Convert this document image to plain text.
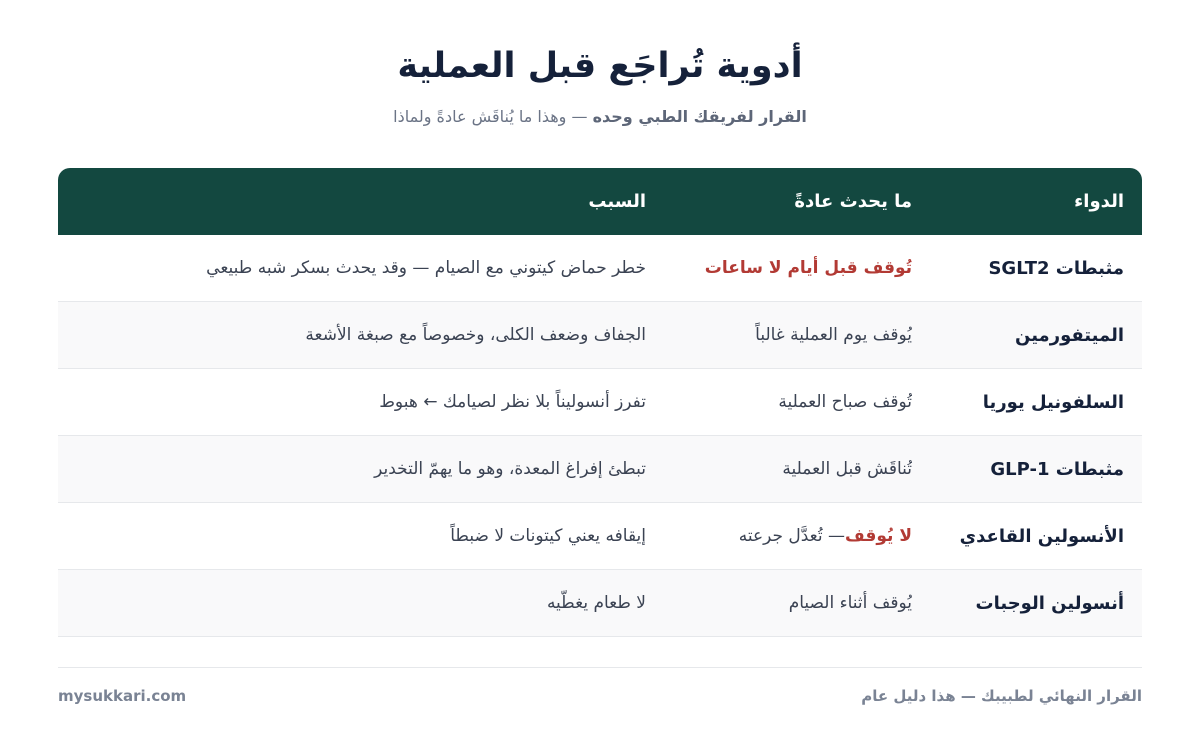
أدوية تُراجَع قبل العملية

القرار لفريقك الطبي وحده — وهذا ما يُناقَش عادةً ولماذا

الدواء
ما يحدث عادةً
السبب
مثبطات SGLT2
تُوقف قبل أيام لا ساعات
خطر حماض كيتوني مع الصيام — وقد يحدث بسكر شبه طبيعي
الميتفورمين
يُوقف يوم العملية غالباً
الجفاف وضعف الكلى، وخصوصاً مع صبغة الأشعة
السلفونيل يوريا
تُوقف صباح العملية
تفرز أنسوليناً بلا نظر لصيامك ← هبوط
مثبطات GLP-1
تُناقَش قبل العملية
تبطئ إفراغ المعدة، وهو ما يهمّ التخدير
الأنسولين القاعدي
لا يُوقف
— تُعدَّل جرعته
إيقافه يعني كيتونات لا ضبطاً
أنسولين الوجبات
يُوقف أثناء الصيام
لا طعام يغطّيه
القرار النهائي لطبيبك — هذا دليل عام
mysukkari.com
